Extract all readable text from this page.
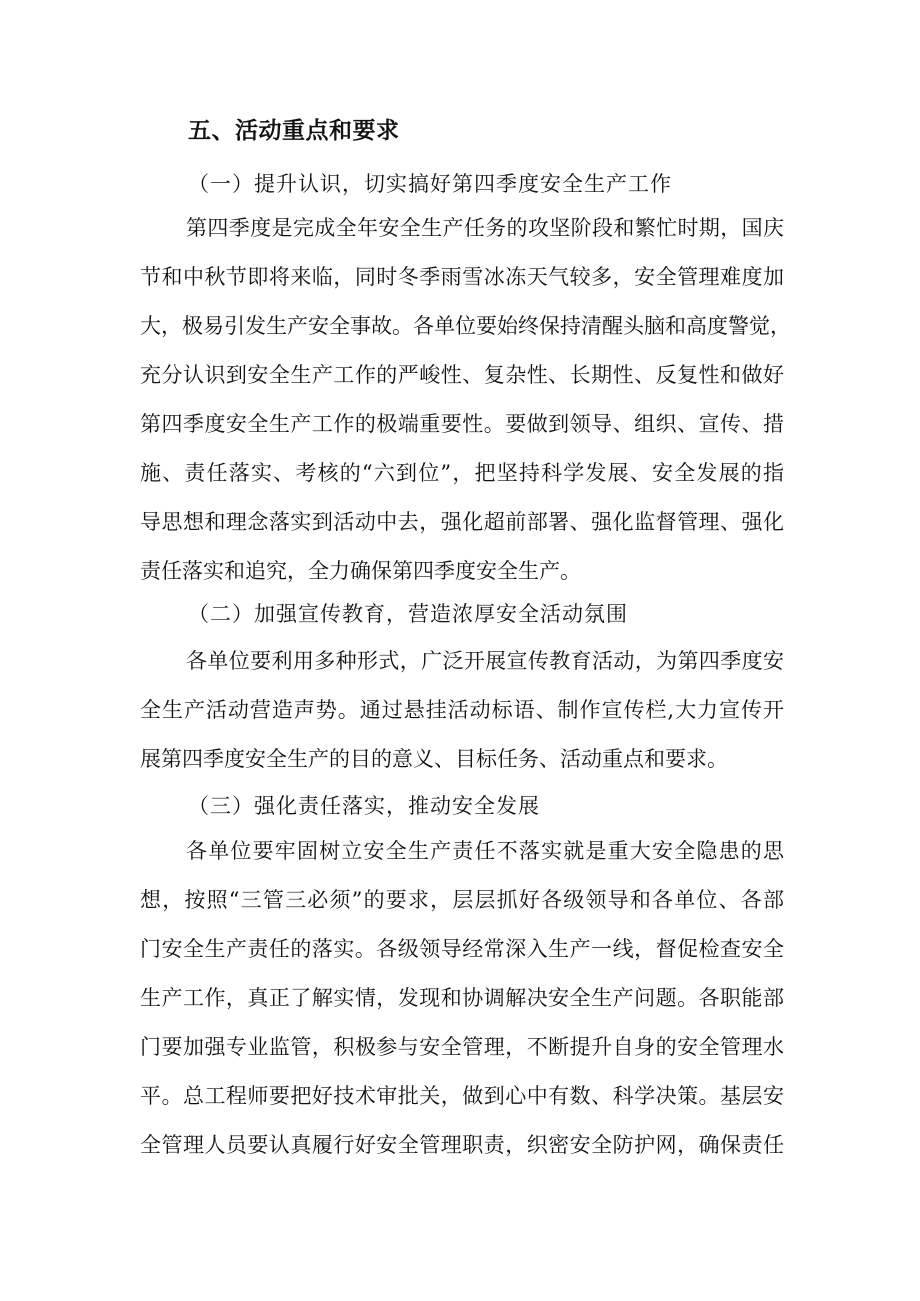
五、活动重点和要求

（一）提升认识，切实搞好第四季度安全生产工作

第四季度是完成全年安全生产任务的攻坚阶段和繁忙时期，国庆
节和中秋节即将来临，同时冬季雨雪冰冻天气较多，安全管理难度加
大，极易引发生产安全事故。各单位要始终保持清醒头脑和高度警觉，
充分认识到安全生产工作的严峻性、复杂性、长期性、反复性和做好
第四季度安全生产工作的极端重要性。要做到领导、组织、宣传、措
施、责任落实、考核的“六到位”，把坚持科学发展、安全发展的指
导思想和理念落实到活动中去，强化超前部署、强化监督管理、强化
责任落实和追究，全力确保第四季度安全生产。

（二）加强宣传教育，营造浓厚安全活动氛围

各单位要利用多种形式，广泛开展宣传教育活动，为第四季度安
全生产活动营造声势。通过悬挂活动标语、制作宣传栏,大力宣传开
展第四季度安全生产的目的意义、目标任务、活动重点和要求。

（三）强化责任落实，推动安全发展

各单位要牢固树立安全生产责任不落实就是重大安全隐患的思
想，按照“三管三必须”的要求，层层抓好各级领导和各单位、各部
门安全生产责任的落实。各级领导经常深入生产一线，督促检查安全
生产工作，真正了解实情，发现和协调解决安全生产问题。各职能部
门要加强专业监管，积极参与安全管理，不断提升自身的安全管理水
平。总工程师要把好技术审批关，做到心中有数、科学决策。基层安
全管理人员要认真履行好安全管理职责，织密安全防护网，确保责任
